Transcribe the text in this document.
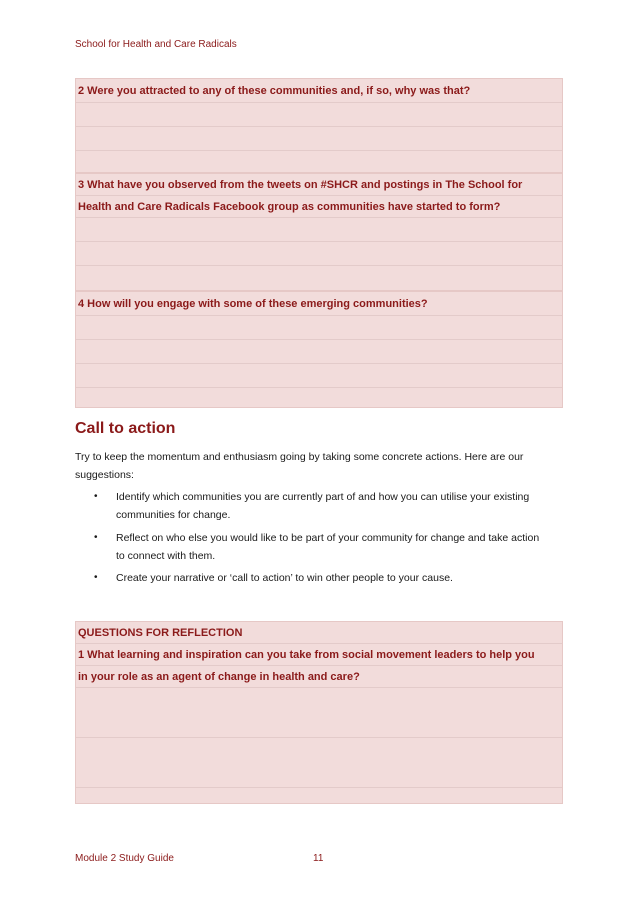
School for Health and Care Radicals
2 Were you attracted to any of these communities and, if so, why was that?
3 What have you observed from the tweets on #SHCR and postings in The School for
Health and Care Radicals Facebook group as communities have started to form?
4 How will you engage with some of these emerging communities?
Call to action
Try to keep the momentum and enthusiasm going by taking some concrete actions. Here are our
suggestions:
• Identify which communities you are currently part of and how you can utilise your existing
communities for change.
• Reflect on who else you would like to be part of your community for change and take action
to connect with them.
• Create your narrative or ‘call to action’ to win other people to your cause.
QUESTIONS FOR REFLECTION
1 What learning and inspiration can you take from social movement leaders to help you
in your role as an agent of change in health and care?
Module 2 Study Guide	11
